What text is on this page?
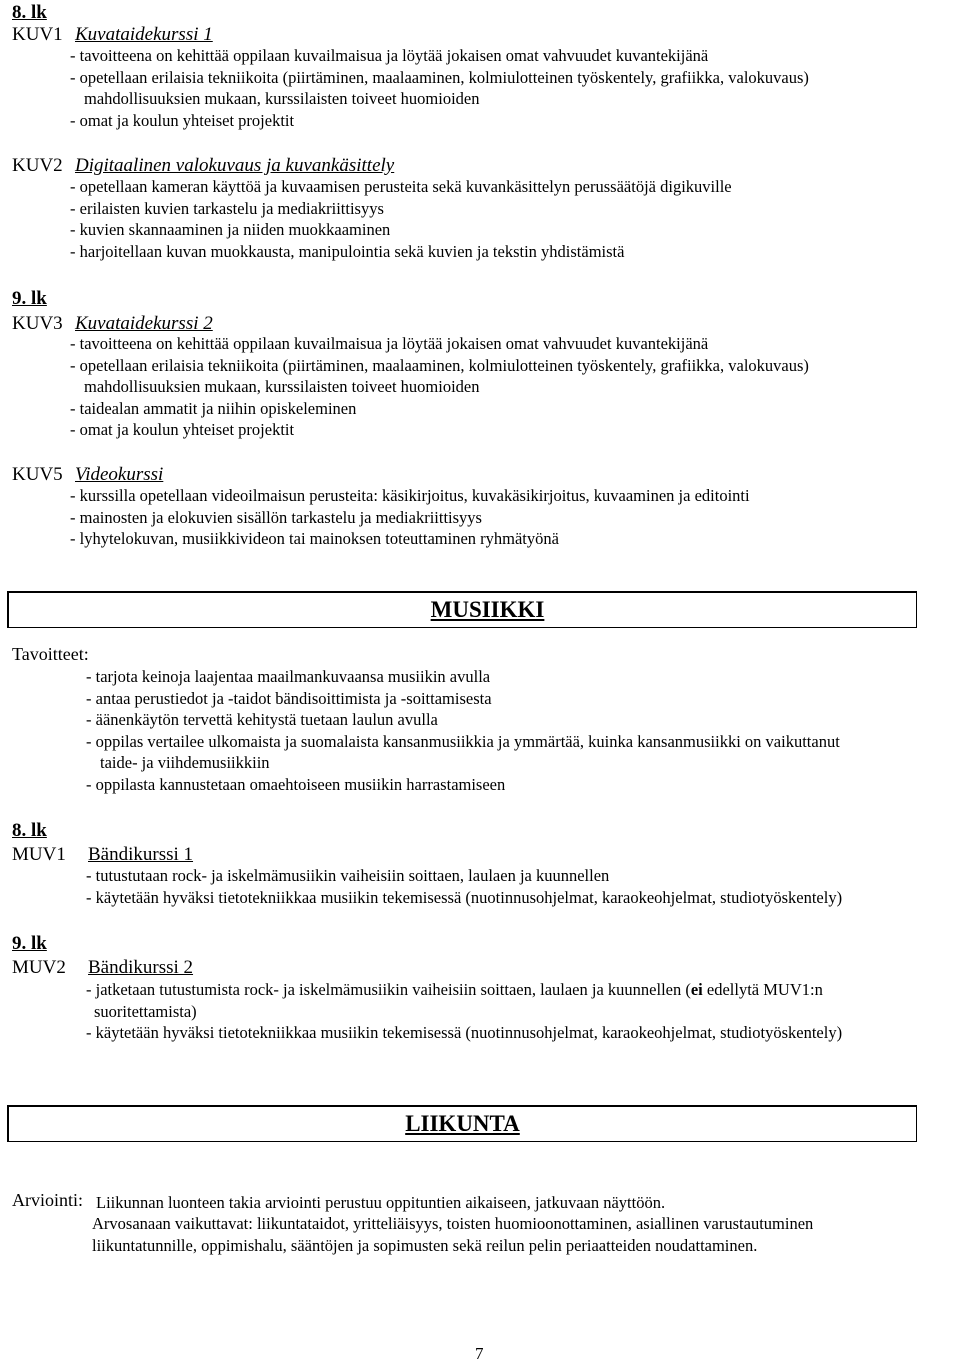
8. lk
KUV1 Kuvataidekurssi 1
- tavoitteena on kehittää oppilaan kuvailmaisua ja löytää jokaisen omat vahvuudet kuvantekijänä
- opetellaan erilaisia tekniikoita (piirtäminen, maalaaminen, kolmiulotteinen työskentely, grafiikka, valokuvaus)
mahdollisuuksien mukaan, kurssilaisten toiveet huomioiden
- omat ja koulun yhteiset projektit
KUV2 Digitaalinen valokuvaus ja kuvankäsittely
- opetellaan kameran käyttöä ja kuvaamisen perusteita sekä kuvankäsittelyn perussäätöjä digikuville
- erilaisten kuvien tarkastelu ja mediakriittisyys
- kuvien skannaaminen ja niiden muokkaaminen
- harjoitellaan kuvan muokkausta, manipulointia sekä kuvien ja tekstin yhdistämistä
9. lk
KUV3 Kuvataidekurssi 2
- tavoitteena on kehittää oppilaan kuvailmaisua ja löytää jokaisen omat vahvuudet kuvantekijänä
- opetellaan erilaisia tekniikoita (piirtäminen, maalaaminen, kolmiulotteinen työskentely, grafiikka, valokuvaus)
mahdollisuuksien mukaan, kurssilaisten toiveet huomioiden
- taidealan ammatit ja niihin opiskeleminen
- omat ja koulun yhteiset projektit
KUV5 Videokurssi
- kurssilla opetellaan videoilmaisun perusteita: käsikirjoitus, kuvakäsikirjoitus, kuvaaminen ja editointi
- mainosten ja elokuvien sisällön tarkastelu ja mediakriittisyys
- lyhytelokuvan, musiikkivideon tai mainoksen toteuttaminen ryhmätyönä
MUSIIKKI
Tavoitteet:
- tarjota keinoja laajentaa maailmankuvaansa musiikin avulla
- antaa perustiedot ja -taidot bändisoittimista ja -soittamisesta
- äänenkäytön tervettä kehitystä tuetaan laulun avulla
- oppilas vertailee ulkomaista ja suomalaista kansanmusiikkia ja ymmärtää, kuinka kansanmusiikki on vaikuttanut
taide- ja viihdemusiikkiin
- oppilasta kannustetaan omaehtoiseen musiikin harrastamiseen
8. lk
MUV1 Bändikurssi 1
- tutustutaan rock- ja iskelmämusiikin vaiheisiin soittaen, laulaen ja kuunnellen
- käytetään hyväksi tietotekniikkaa musiikin tekemisessä (nuotinnusohjelmat, karaokeohjelmat, studiotyöskentely)
9. lk
MUV2 Bändikurssi 2
- jatketaan tutustumista rock- ja iskelmämusiikin vaiheisiin soittaen, laulaen ja kuunnellen (ei edellytä MUV1:n
suoritettamista)
- käytetään hyväksi tietotekniikkaa musiikin tekemisessä (nuotinnusohjelmat, karaokeohjelmat, studiotyöskentely)
LIIKUNTA
Arviointi: Liikunnan luonteen takia arviointi perustuu oppituntien aikaiseen, jatkuvaan näyttöön.
Arvosanaan vaikuttavat: liikuntataidot, yritteliäisyys, toisten huomioonottaminen, asiallinen varustautuminen
liikuntatunnille, oppimishalu, sääntöjen ja sopimusten sekä reilun pelin periaatteiden noudattaminen.
7
